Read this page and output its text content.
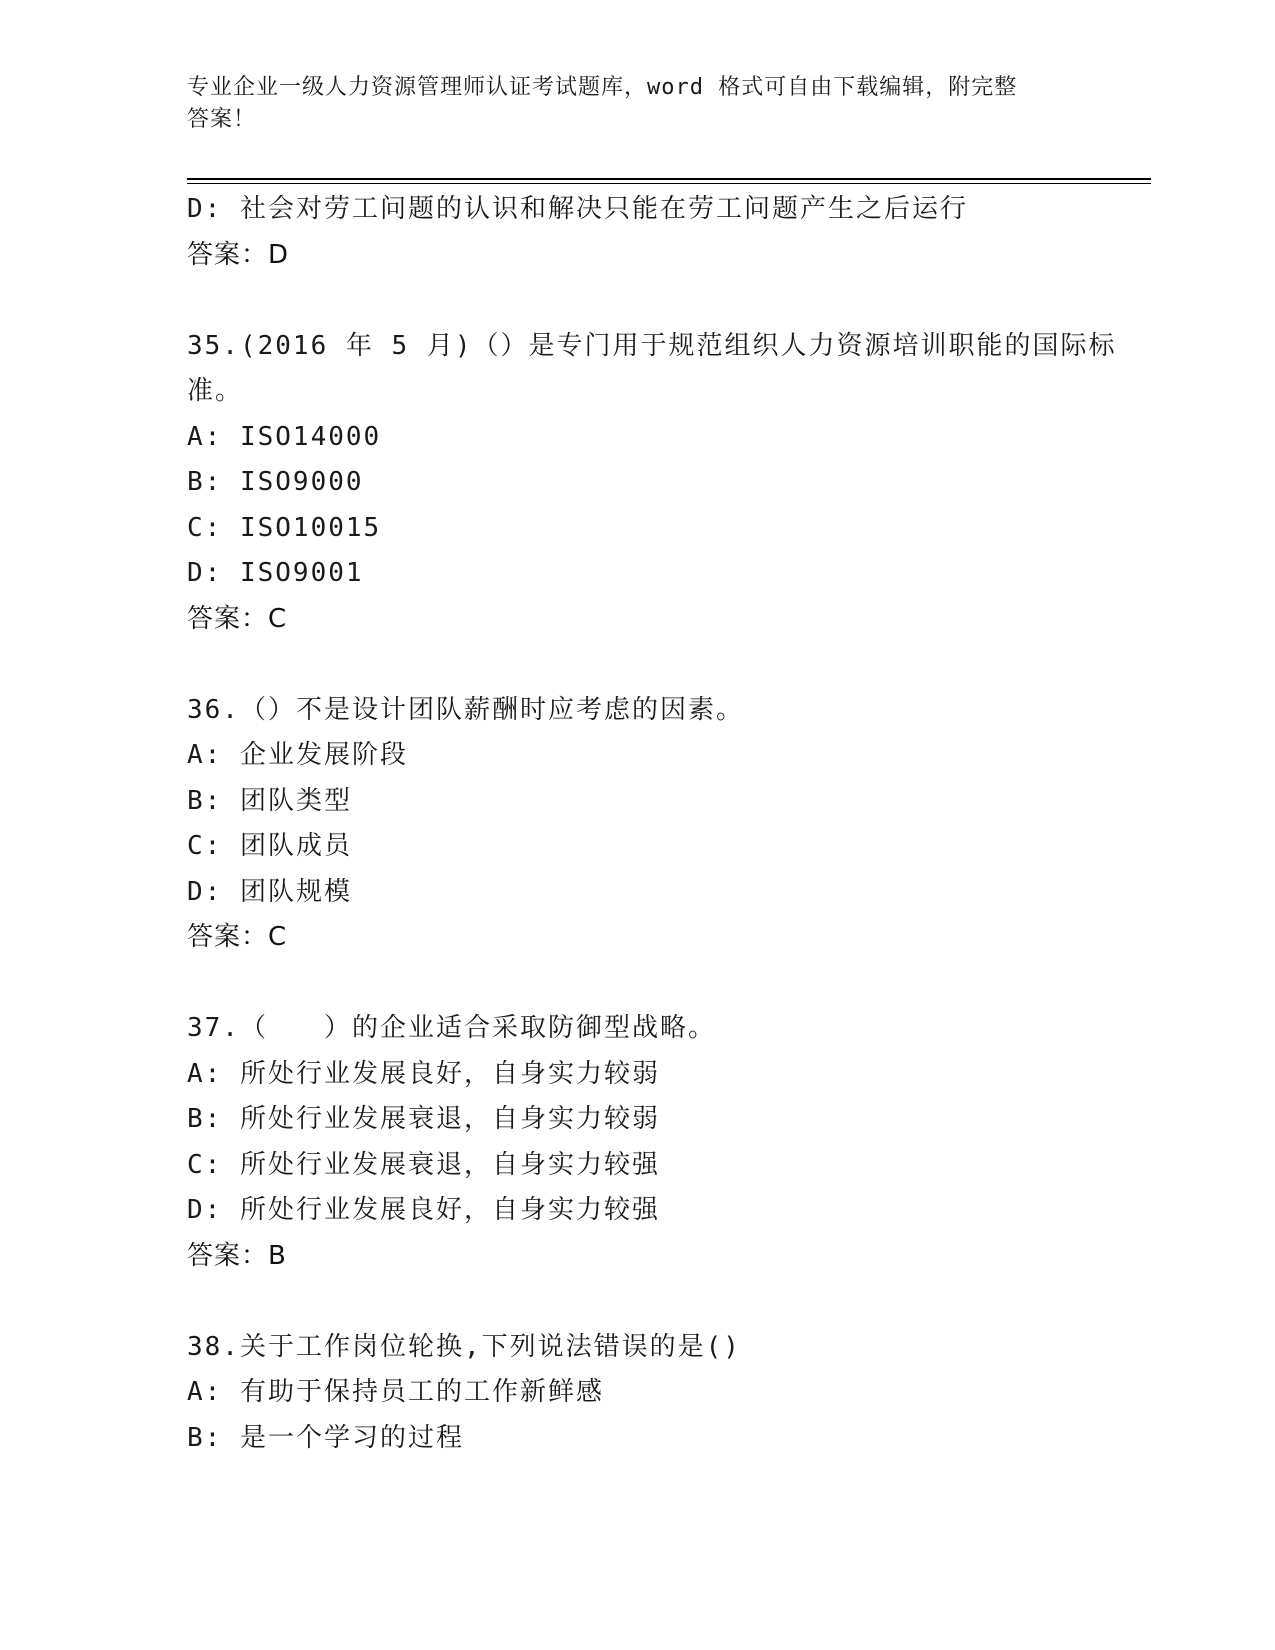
专业企业一级人力资源管理师认证考试题库，word 格式可自由下载编辑，附完整
答案！
D: 社会对劳工问题的认识和解决只能在劳工问题产生之后运行
答案：D
35.(2016 年 5 月)（）是专门用于规范组织人力资源培训职能的国际标
准。
A: ISO14000
B: ISO9000
C: ISO10015
D: ISO9001
答案：C
36.（）不是设计团队薪酬时应考虑的因素。
A: 企业发展阶段
B: 团队类型
C: 团队成员
D: 团队规模
答案：C
37.（　　）的企业适合采取防御型战略。
A: 所处行业发展良好，自身实力较弱
B: 所处行业发展衰退，自身实力较弱
C: 所处行业发展衰退，自身实力较强
D: 所处行业发展良好，自身实力较强
答案：B
38.关于工作岗位轮换,下列说法错误的是()
A: 有助于保持员工的工作新鲜感
B: 是一个学习的过程
